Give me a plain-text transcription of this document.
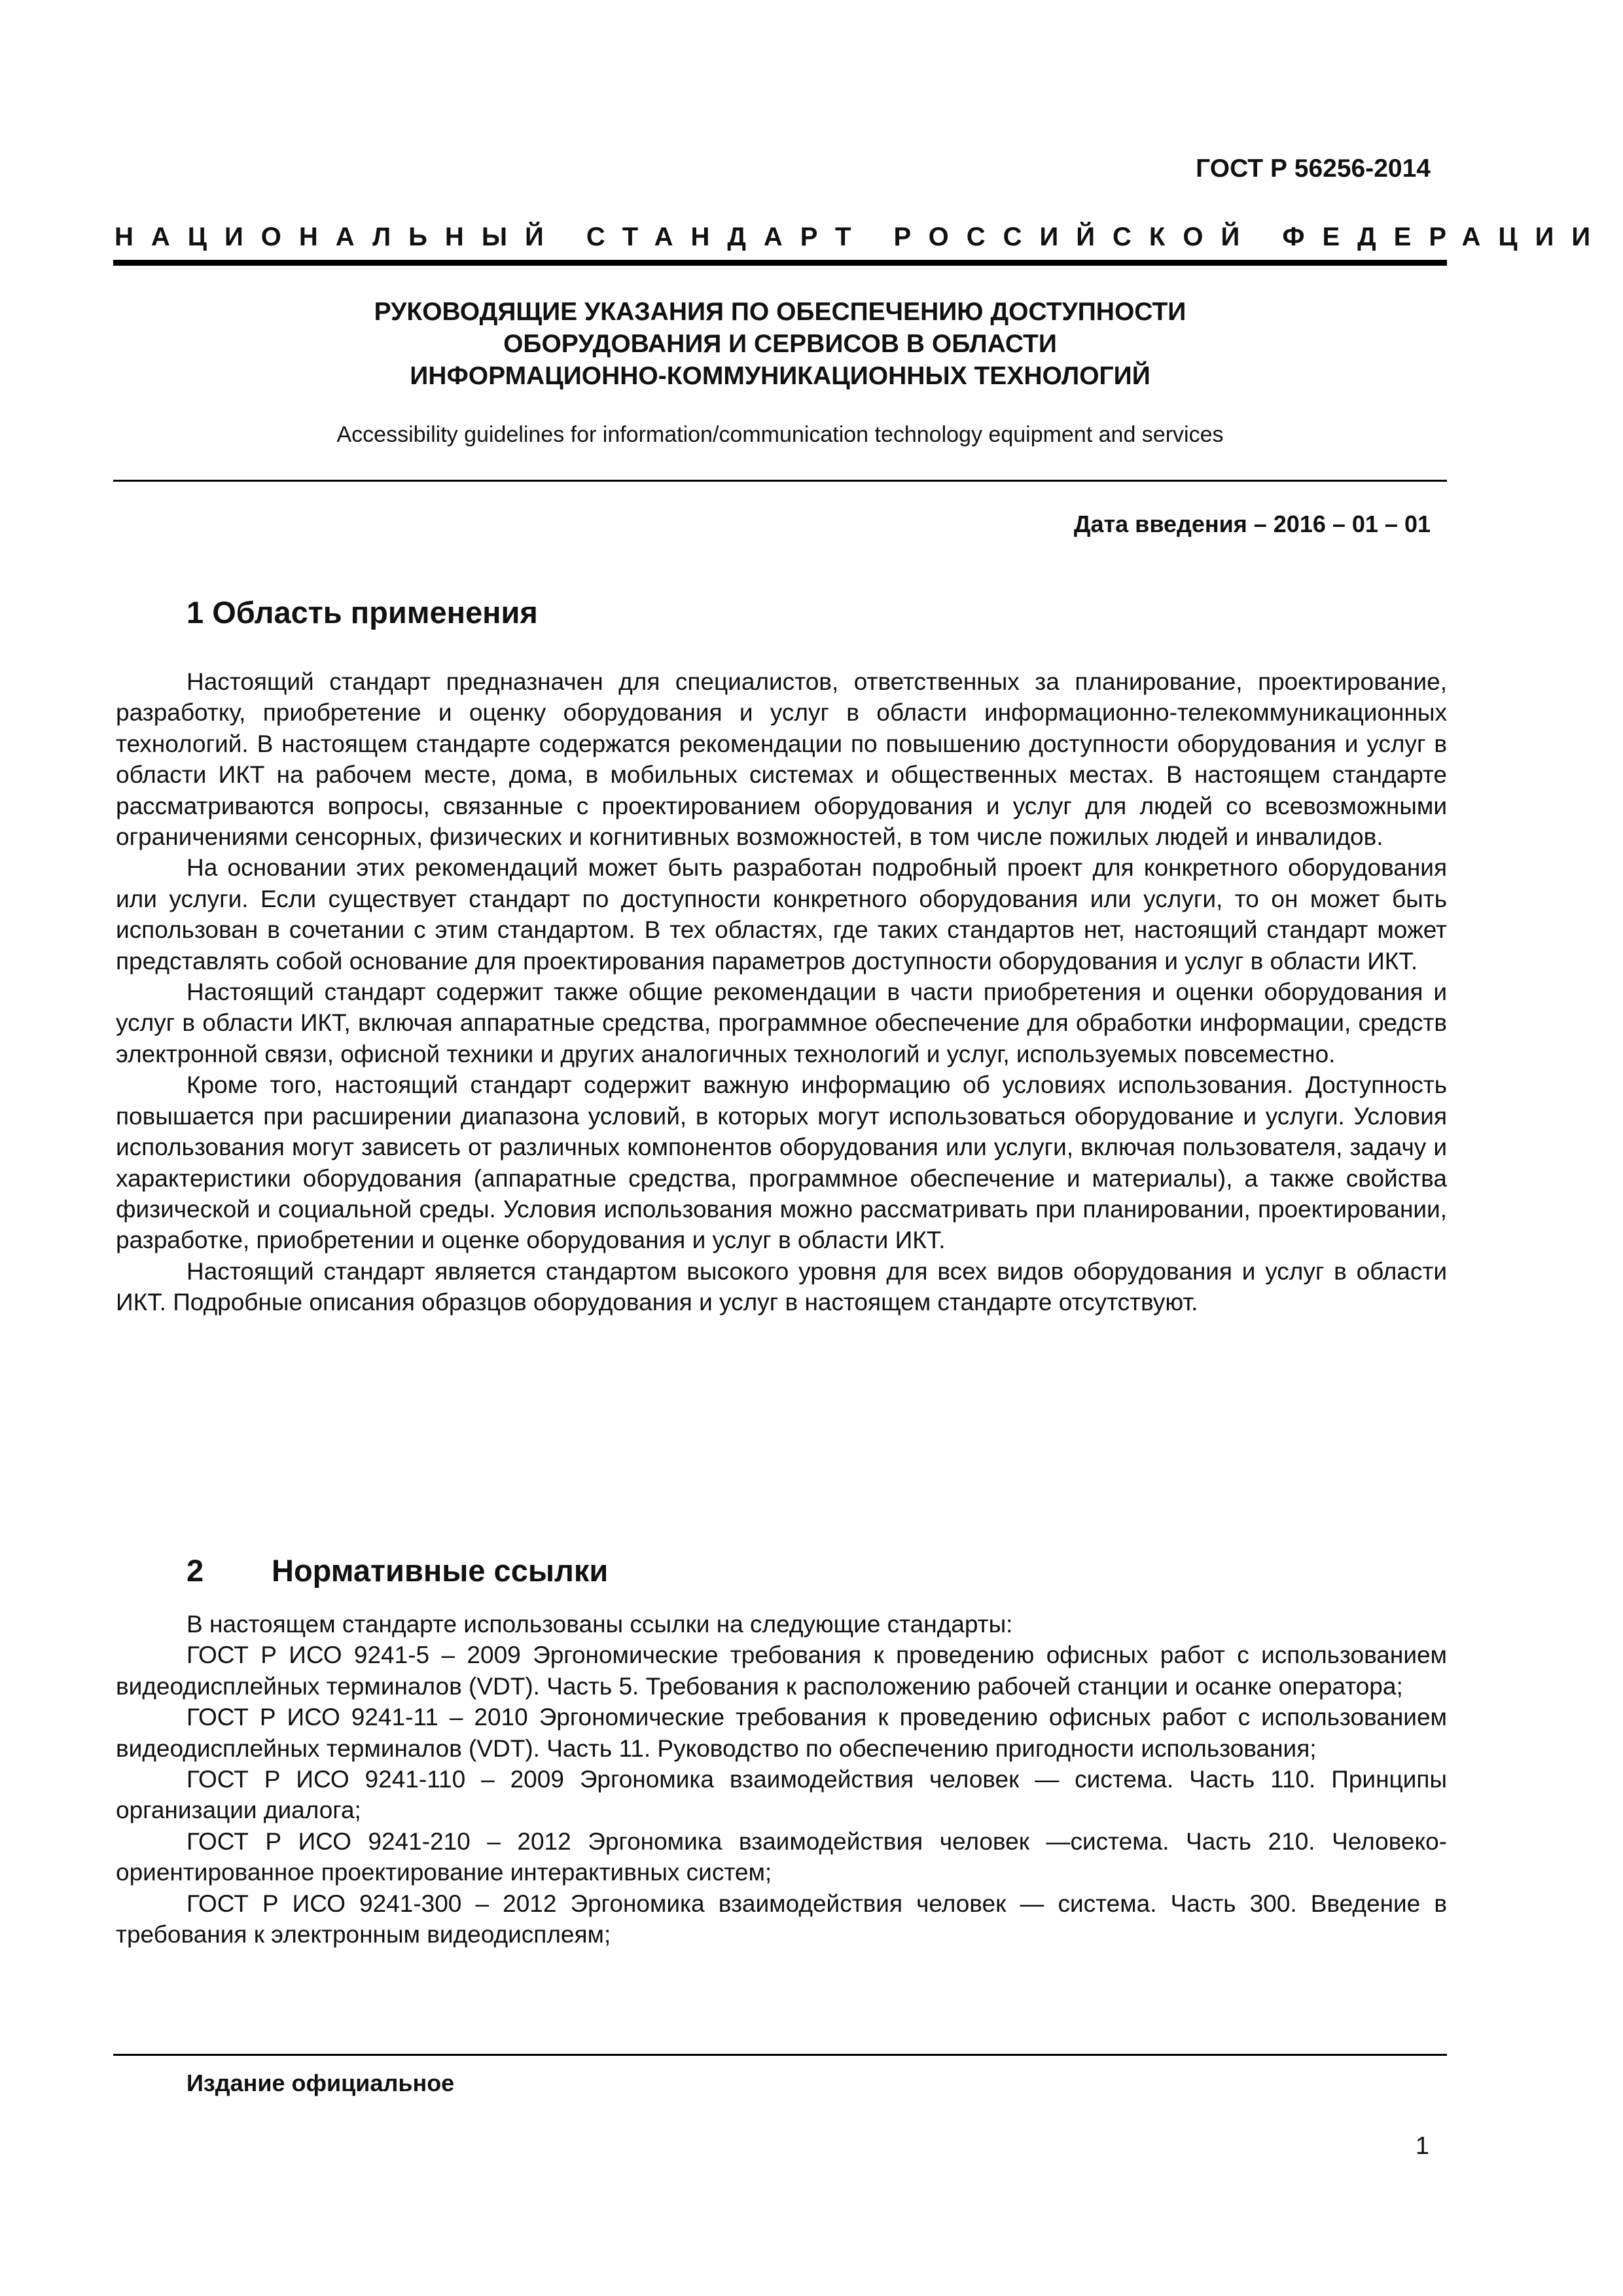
ГОСТ Р 56256-2014
НАЦИОНАЛЬНЫЙ СТАНДАРТ РОССИЙСКОЙ ФЕДЕРАЦИИ
РУКОВОДЯЩИЕ УКАЗАНИЯ ПО ОБЕСПЕЧЕНИЮ ДОСТУПНОСТИ
ОБОРУДОВАНИЯ И СЕРВИСОВ В ОБЛАСТИ
ИНФОРМАЦИОННО-КОММУНИКАЦИОННЫХ ТЕХНОЛОГИЙ
Accessibility guidelines for information/communication technology equipment and services
Дата введения – 2016 – 01 – 01
1 Область применения

Настоящий стандарт предназначен для специалистов, ответственных за планирование, проектирование, разработку, приобретение и оценку оборудования и услуг в области информационно-телекоммуникационных технологий. В настоящем стандарте содержатся рекомендации по повышению доступности оборудования и услуг в области ИКТ на рабочем месте, дома, в мобильных системах и общественных местах. В настоящем стандарте рассматриваются вопросы, связанные с проектированием оборудования и услуг для людей со всевозможными ограничениями сенсорных, физических и когнитивных возможностей, в том числе пожилых людей и инвалидов.

На основании этих рекомендаций может быть разработан подробный проект для конкретного оборудования или услуги. Если существует стандарт по доступности конкретного оборудования или услуги, то он может быть использован в сочетании с этим стандартом. В тех областях, где таких стандартов нет, настоящий стандарт может представлять собой основание для проектирования параметров доступности оборудования и услуг в области ИКТ.

Настоящий стандарт содержит также общие рекомендации в части приобретения и оценки оборудования и услуг в области ИКТ, включая аппаратные средства, программное обеспечение для обработки информации, средств электронной связи, офисной техники и других аналогичных технологий и услуг, используемых повсеместно.

Кроме того, настоящий стандарт содержит важную информацию об условиях использования. Доступность повышается при расширении диапазона условий, в которых могут использоваться оборудование и услуги. Условия использования могут зависеть от различных компонентов оборудования или услуги, включая пользователя, задачу и характеристики оборудования (аппаратные средства, программное обеспечение и материалы), а также свойства физической и социальной среды. Условия использования можно рассматривать при планировании, проектировании, разработке, приобретении и оценке оборудования и услуг в области ИКТ.

Настоящий стандарт является стандартом высокого уровня для всех видов оборудования и услуг в области ИКТ. Подробные описания образцов оборудования и услуг в настоящем стандарте отсутствуют.

2 Нормативные ссылки

В настоящем стандарте использованы ссылки на следующие стандарты:

ГОСТ Р ИСО 9241-5 – 2009 Эргономические требования к проведению офисных работ с использованием видеодисплейных терминалов (VDT). Часть 5. Требования к расположению рабочей станции и осанке оператора;

ГОСТ Р ИСО 9241-11 – 2010 Эргономические требования к проведению офисных работ с использованием видеодисплейных терминалов (VDT). Часть 11. Руководство по обеспечению пригодности использования;

ГОСТ Р ИСО 9241-110 – 2009 Эргономика взаимодействия человек — система. Часть 110. Принципы организации диалога;

ГОСТ Р ИСО 9241-210 – 2012 Эргономика взаимодействия человек —система. Часть 210. Человеко-ориентированное проектирование интерактивных систем;

ГОСТ Р ИСО 9241-300 – 2012 Эргономика взаимодействия человек — система. Часть 300. Введение в требования к электронным видеодисплеям;

Издание официальное
1
